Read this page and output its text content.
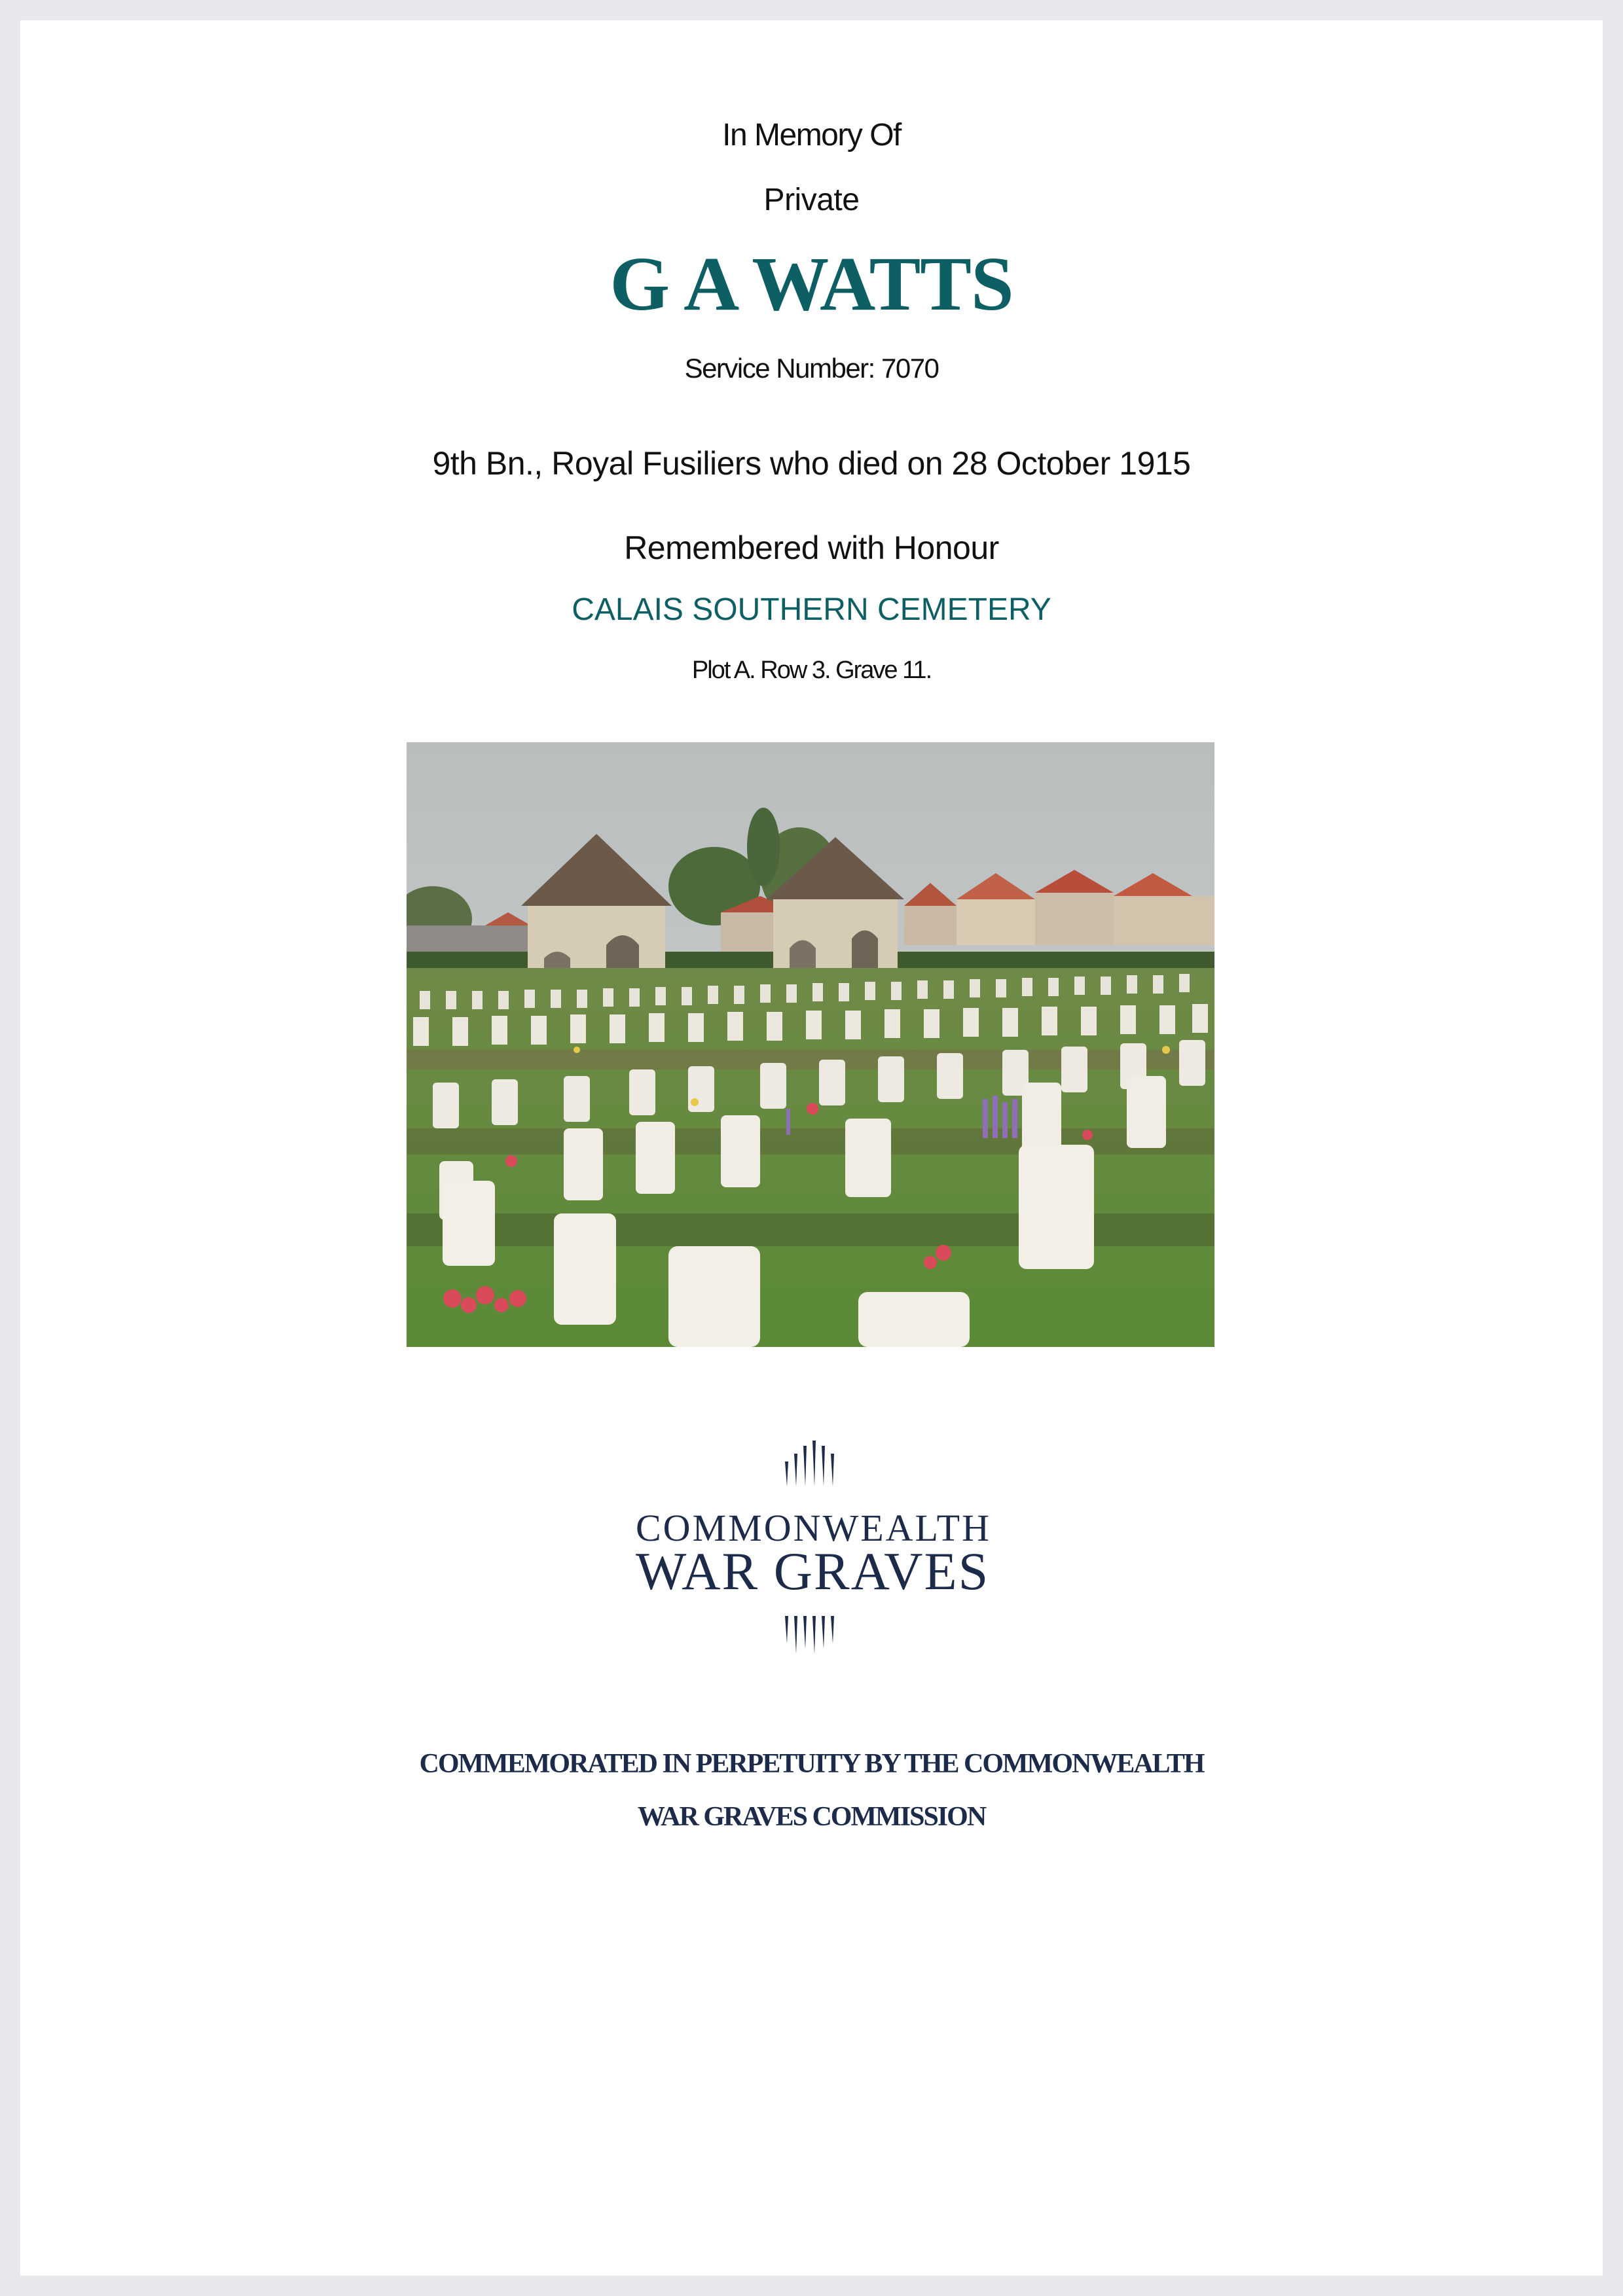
In Memory Of
Private
G A WATTS
Service Number: 7070
9th Bn., Royal Fusiliers who died on 28 October 1915
Remembered with Honour
CALAIS SOUTHERN CEMETERY
Plot A. Row 3. Grave 11.
COMMONWEALTH
WAR GRAVES
COMMEMORATED IN PERPETUITY BY THE COMMONWEALTH
WAR GRAVES COMMISSION
